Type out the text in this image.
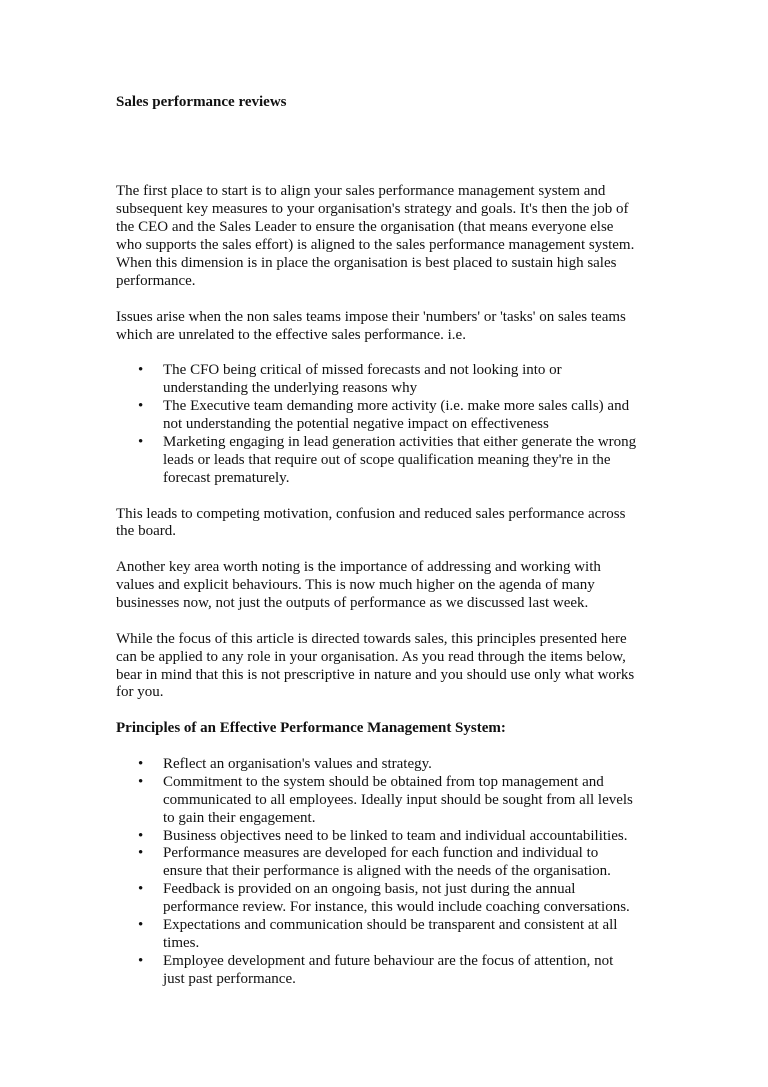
Sales performance reviews
The first place to start is to align your sales performance management system and
subsequent key measures to your organisation's strategy and goals. It's then the job of
the CEO and the Sales Leader to ensure the organisation (that means everyone else
who supports the sales effort) is aligned to the sales performance management system.
When this dimension is in place the organisation is best placed to sustain high sales
performance.
Issues arise when the non sales teams impose their 'numbers' or 'tasks' on sales teams
which are unrelated to the effective sales performance. i.e.
• The CFO being critical of missed forecasts and not looking into or
understanding the underlying reasons why
• The Executive team demanding more activity (i.e. make more sales calls) and
not understanding the potential negative impact on effectiveness
• Marketing engaging in lead generation activities that either generate the wrong
leads or leads that require out of scope qualification meaning they're in the
forecast prematurely.
This leads to competing motivation, confusion and reduced sales performance across
the board.
Another key area worth noting is the importance of addressing and working with
values and explicit behaviours. This is now much higher on the agenda of many
businesses now, not just the outputs of performance as we discussed last week.
While the focus of this article is directed towards sales, this principles presented here
can be applied to any role in your organisation. As you read through the items below,
bear in mind that this is not prescriptive in nature and you should use only what works
for you.
Principles of an Effective Performance Management System:
• Reflect an organisation's values and strategy.
• Commitment to the system should be obtained from top management and
communicated to all employees. Ideally input should be sought from all levels
to gain their engagement.
• Business objectives need to be linked to team and individual accountabilities.
• Performance measures are developed for each function and individual to
ensure that their performance is aligned with the needs of the organisation.
• Feedback is provided on an ongoing basis, not just during the annual
performance review. For instance, this would include coaching conversations.
• Expectations and communication should be transparent and consistent at all
times.
• Employee development and future behaviour are the focus of attention, not
just past performance.
